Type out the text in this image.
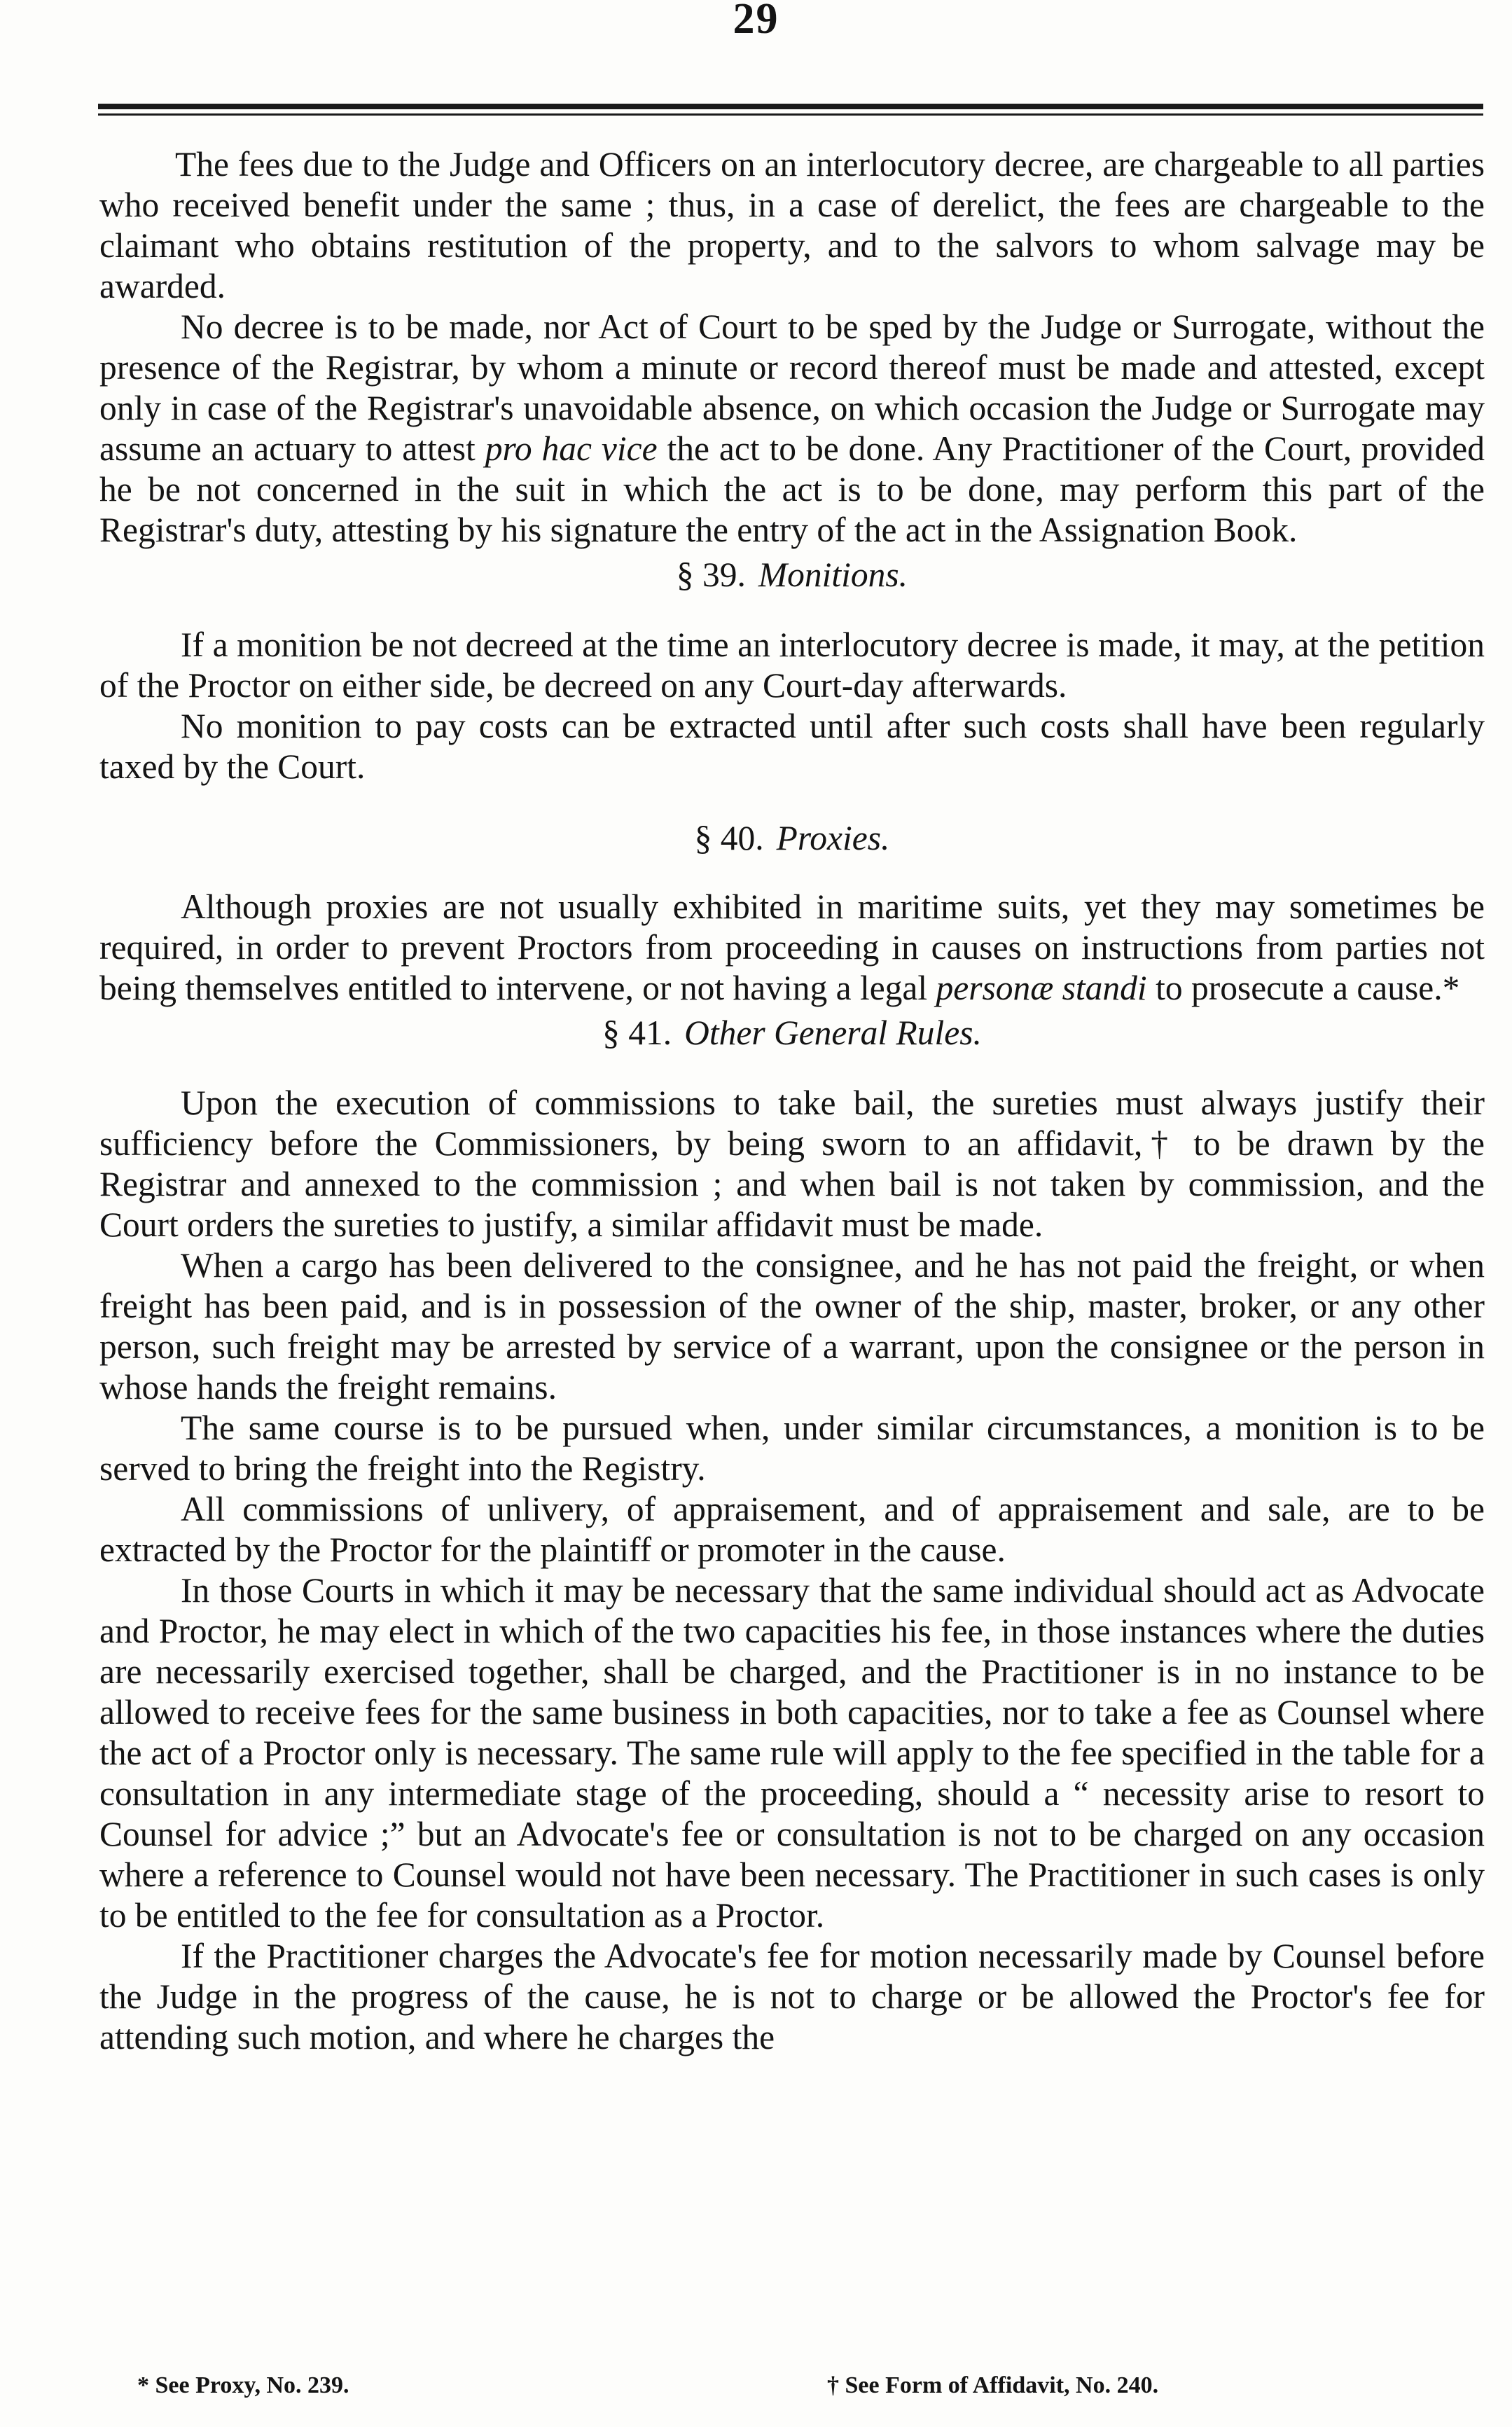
29

The fees due to the Judge and Officers on an interlocutory decree, are chargeable to all parties who received benefit under the same ; thus, in a case of derelict, the fees are chargeable to the claimant who obtains restitution of the property, and to the salvors to whom salvage may be awarded.

No decree is to be made, nor Act of Court to be sped by the Judge or Surrogate, without the presence of the Registrar, by whom a minute or record thereof must be made and attested, except only in case of the Registrar's unavoidable absence, on which occasion the Judge or Surrogate may assume an actuary to attest pro hac vice the act to be done. Any Practitioner of the Court, provided he be not concerned in the suit in which the act is to be done, may perform this part of the Registrar's duty, attesting by his signature the entry of the act in the Assignation Book.

§ 39. Monitions.

If a monition be not decreed at the time an interlocutory decree is made, it may, at the petition of the Proctor on either side, be decreed on any Court-day afterwards.

No monition to pay costs can be extracted until after such costs shall have been regularly taxed by the Court.

§ 40. Proxies.

Although proxies are not usually exhibited in maritime suits, yet they may sometimes be required, in order to prevent Proctors from proceeding in causes on instructions from parties not being themselves entitled to intervene, or not having a legal personæ standi to prosecute a cause.*

§ 41. Other General Rules.

Upon the execution of commissions to take bail, the sureties must always justify their sufficiency before the Commissioners, by being sworn to an affidavit,† to be drawn by the Registrar and annexed to the commission ; and when bail is not taken by commission, and the Court orders the sureties to justify, a similar affidavit must be made.

When a cargo has been delivered to the consignee, and he has not paid the freight, or when freight has been paid, and is in possession of the owner of the ship, master, broker, or any other person, such freight may be arrested by service of a warrant, upon the consignee or the person in whose hands the freight remains.

The same course is to be pursued when, under similar circumstances, a monition is to be served to bring the freight into the Registry.

All commissions of unlivery, of appraisement, and of appraisement and sale, are to be extracted by the Proctor for the plaintiff or promoter in the cause.

In those Courts in which it may be necessary that the same individual should act as Advocate and Proctor, he may elect in which of the two capacities his fee, in those instances where the duties are necessarily exercised together, shall be charged, and the Practitioner is in no instance to be allowed to receive fees for the same business in both capacities, nor to take a fee as Counsel where the act of a Proctor only is necessary. The same rule will apply to the fee specified in the table for a consultation in any intermediate stage of the proceeding, should a “ necessity arise to resort to Counsel for advice ;” but an Advocate's fee or consultation is not to be charged on any occasion where a reference to Counsel would not have been necessary. The Practitioner in such cases is only to be entitled to the fee for consultation as a Proctor.

If the Practitioner charges the Advocate's fee for motion necessarily made by Counsel before the Judge in the progress of the cause, he is not to charge or be allowed the Proctor's fee for attending such motion, and where he charges the

* See Proxy, No. 239.	† See Form of Affidavit, No. 240.
